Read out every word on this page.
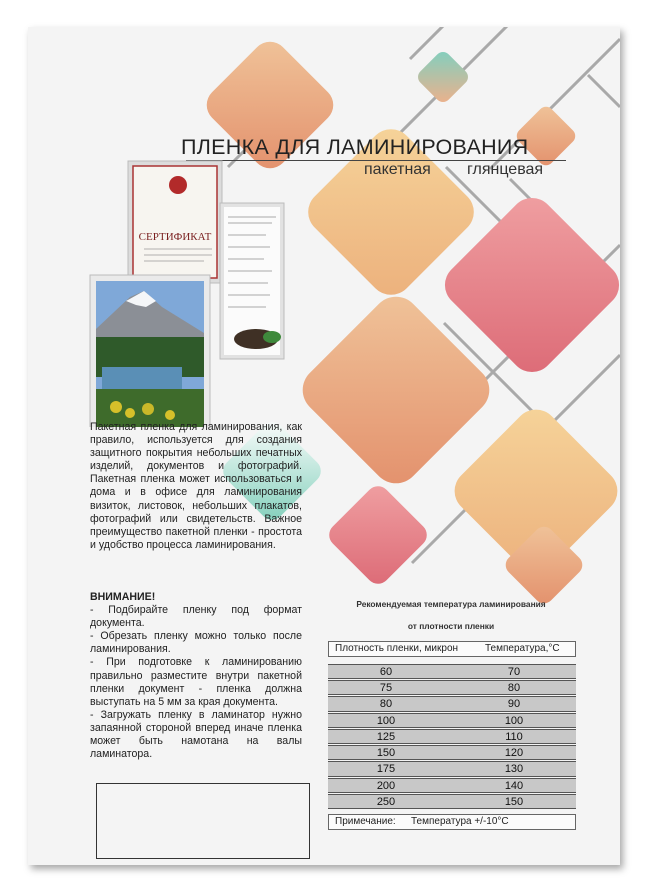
ПЛЕНКА ДЛЯ ЛАМИНИРОВАНИЯ
пакетная глянцевая
СЕРТИФИКАТ
Пакетная пленка для ламинирования, как правило, используется для создания защитного покрытия небольших печатных изделий, документов и фотографий. Пакетная пленка может использоваться и дома и в офисе для ламинирования визиток, листовок, небольших плакатов, фотографий или свидетельств. Важное преимущество пакетной пленки - простота и удобство процесса ламинирования.

ВНИМАНИЕ!

- Подбирайте пленку под формат документа.

- Обрезать пленку можно только после ламинирования.

- При подготовке к ламинированию правильно разместите внутри пакетной пленки документ - пленка должна выступать на 5 мм за края документа.

- Загружать пленку в ламинатор нужно запаянной стороной вперед иначе пленка может быть намотана на валы ламинатора.

Рекомендуемая температура ламинирования
от плотности пленки
Плотность пленки, микрон	Температура,°С
60	70
75	80
80	90
100	100
125	110
150	120
175	130
200	140
250	150
Примечание: Температура +/-10°С
